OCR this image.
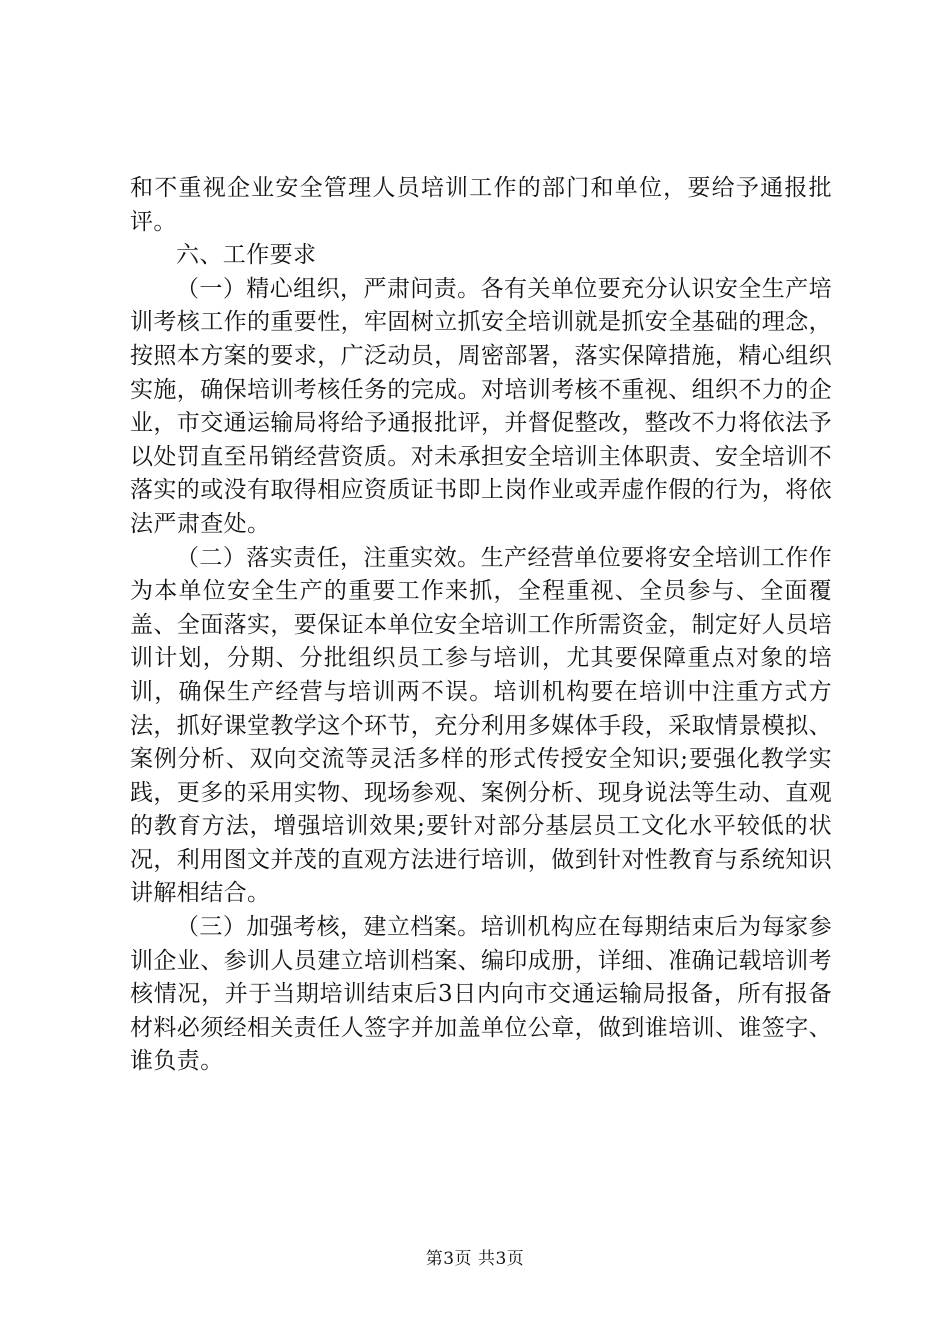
和不重视企业安全管理人员培训工作的部门和单位，要给予通报批评。

六、工作要求

（一）精心组织，严肃问责。各有关单位要充分认识安全生产培训考核工作的重要性，牢固树立抓安全培训就是抓安全基础的理念，按照本方案的要求，广泛动员，周密部署，落实保障措施，精心组织实施，确保培训考核任务的完成。对培训考核不重视、组织不力的企业，市交通运输局将给予通报批评，并督促整改，整改不力将依法予以处罚直至吊销经营资质。对未承担安全培训主体职责、安全培训不落实的或没有取得相应资质证书即上岗作业或弄虚作假的行为，将依法严肃查处。

（二）落实责任，注重实效。生产经营单位要将安全培训工作作为本单位安全生产的重要工作来抓，全程重视、全员参与、全面覆盖、全面落实，要保证本单位安全培训工作所需资金，制定好人员培训计划，分期、分批组织员工参与培训，尤其要保障重点对象的培训，确保生产经营与培训两不误。培训机构要在培训中注重方式方法，抓好课堂教学这个环节，充分利用多媒体手段，采取情景模拟、案例分析、双向交流等灵活多样的形式传授安全知识;要强化教学实践，更多的采用实物、现场参观、案例分析、现身说法等生动、直观的教育方法，增强培训效果;要针对部分基层员工文化水平较低的状况，利用图文并茂的直观方法进行培训，做到针对性教育与系统知识讲解相结合。

（三）加强考核，建立档案。培训机构应在每期结束后为每家参训企业、参训人员建立培训档案、编印成册，详细、准确记载培训考核情况，并于当期培训结束后3日内向市交通运输局报备，所有报备材料必须经相关责任人签字并加盖单位公章，做到谁培训、谁签字、谁负责。

第3页 共3页
